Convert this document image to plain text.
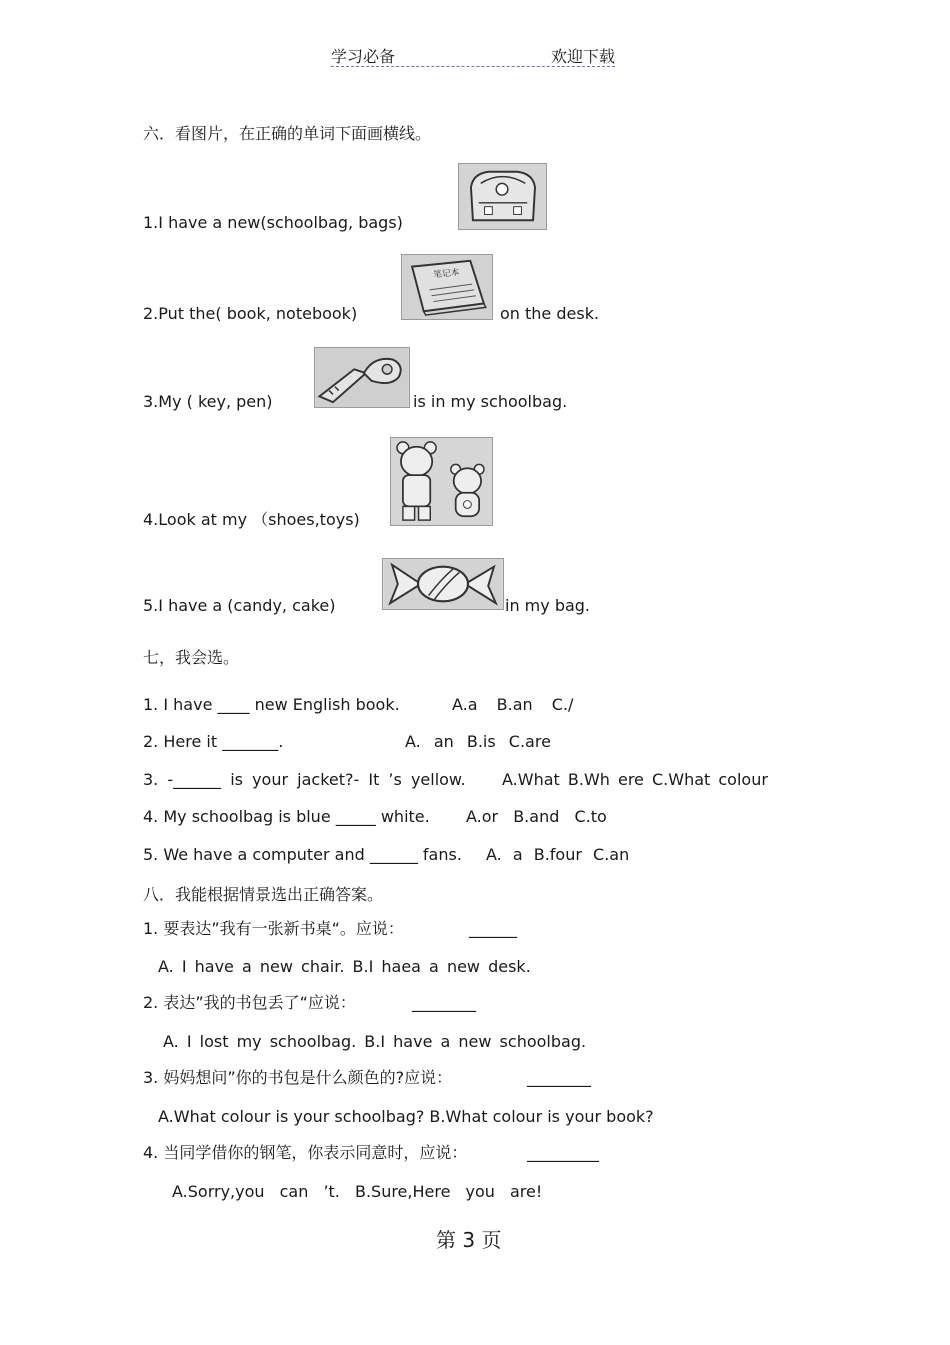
学习必备	欢迎下载
六．看图片，在正确的单词下面画横线。
1.I have a new(schoolbag, bags)
2.Put the( book, notebook)
笔记本
on the desk.
3.My ( key, pen)	is in my schoolbag.
4.Look at my （shoes,toys)
5.I have a (candy, cake)	in my bag.
七，我会选。
1. I have ____ new English book.	A.a B.an C./
2. Here it _______.	A. an B.is C.are
3. -______ is your jacket?- It ’s yellow. A.What B.Wh ere C.What colour
4. My schoolbag is blue _____ white. A.or B.and C.to
5. We have a computer and ______ fans. A. a B.four C.an
八．我能根据情景选出正确答案。
1. 要表达”我有一张新书桌“。应说：	______
A. I have a new chair. B.I haea a new desk.
2. 表达”我的书包丢了“应说：	________
A. I lost my schoolbag. B.I have a new schoolbag.
3. 妈妈想问”你的书包是什么颜色的?应说：	________
A.What colour is your schoolbag? B.What colour is your book?
4. 当同学借你的钢笔，你表示同意时，应说：	_________
A.Sorry,you can ’t. B.Sure,Here you are!
第 3 页
